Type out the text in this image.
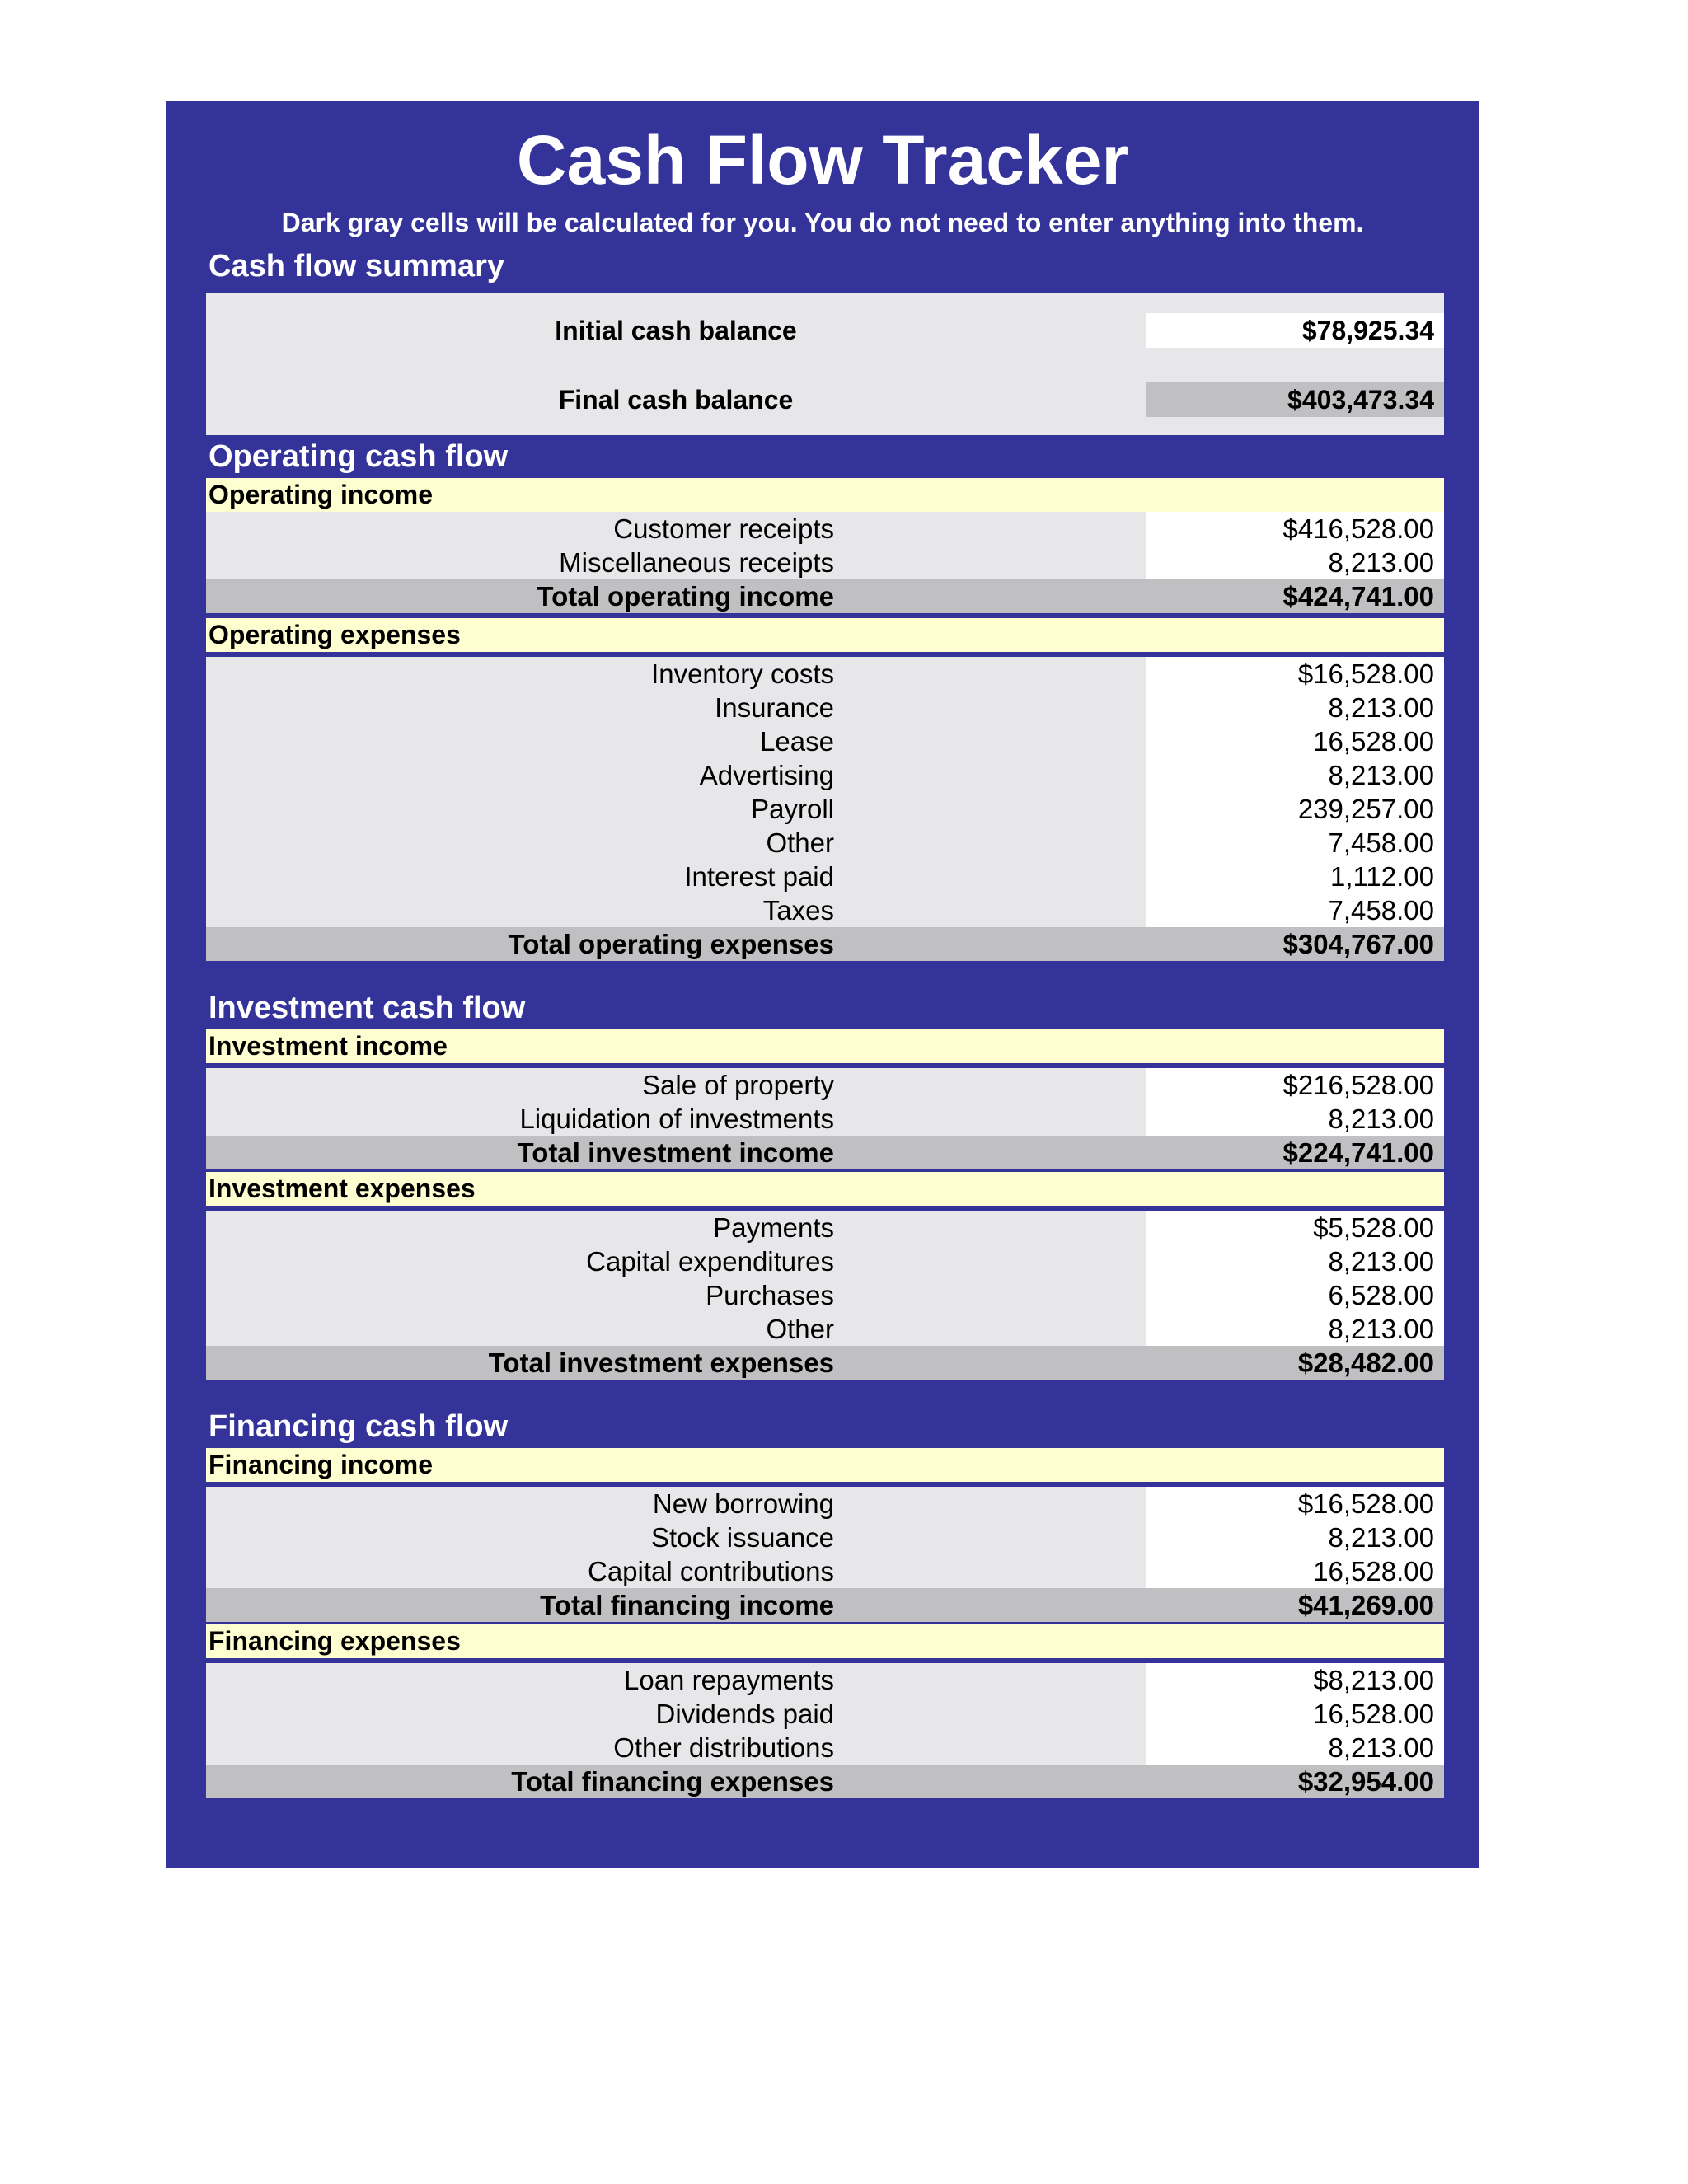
Cash Flow Tracker
Dark gray cells will be calculated for you. You do not need to enter anything into them.
Cash flow summary
Initial cash balance	$78,925.34
Final cash balance	$403,473.34
Operating cash flow
Operating income
Customer receipts	$416,528.00
Miscellaneous receipts	8,213.00
Total operating income	$424,741.00
Operating expenses
Inventory costs	$16,528.00
Insurance	8,213.00
Lease	16,528.00
Advertising	8,213.00
Payroll	239,257.00
Other	7,458.00
Interest paid	1,112.00
Taxes	7,458.00
Total operating expenses	$304,767.00
Investment cash flow
Investment income
Sale of property	$216,528.00
Liquidation of investments	8,213.00
Total investment income	$224,741.00
Investment expenses
Payments	$5,528.00
Capital expenditures	8,213.00
Purchases	6,528.00
Other	8,213.00
Total investment expenses	$28,482.00
Financing cash flow
Financing income
New borrowing	$16,528.00
Stock issuance	8,213.00
Capital contributions	16,528.00
Total financing income	$41,269.00
Financing expenses
Loan repayments	$8,213.00
Dividends paid	16,528.00
Other distributions	8,213.00
Total financing expenses	$32,954.00
